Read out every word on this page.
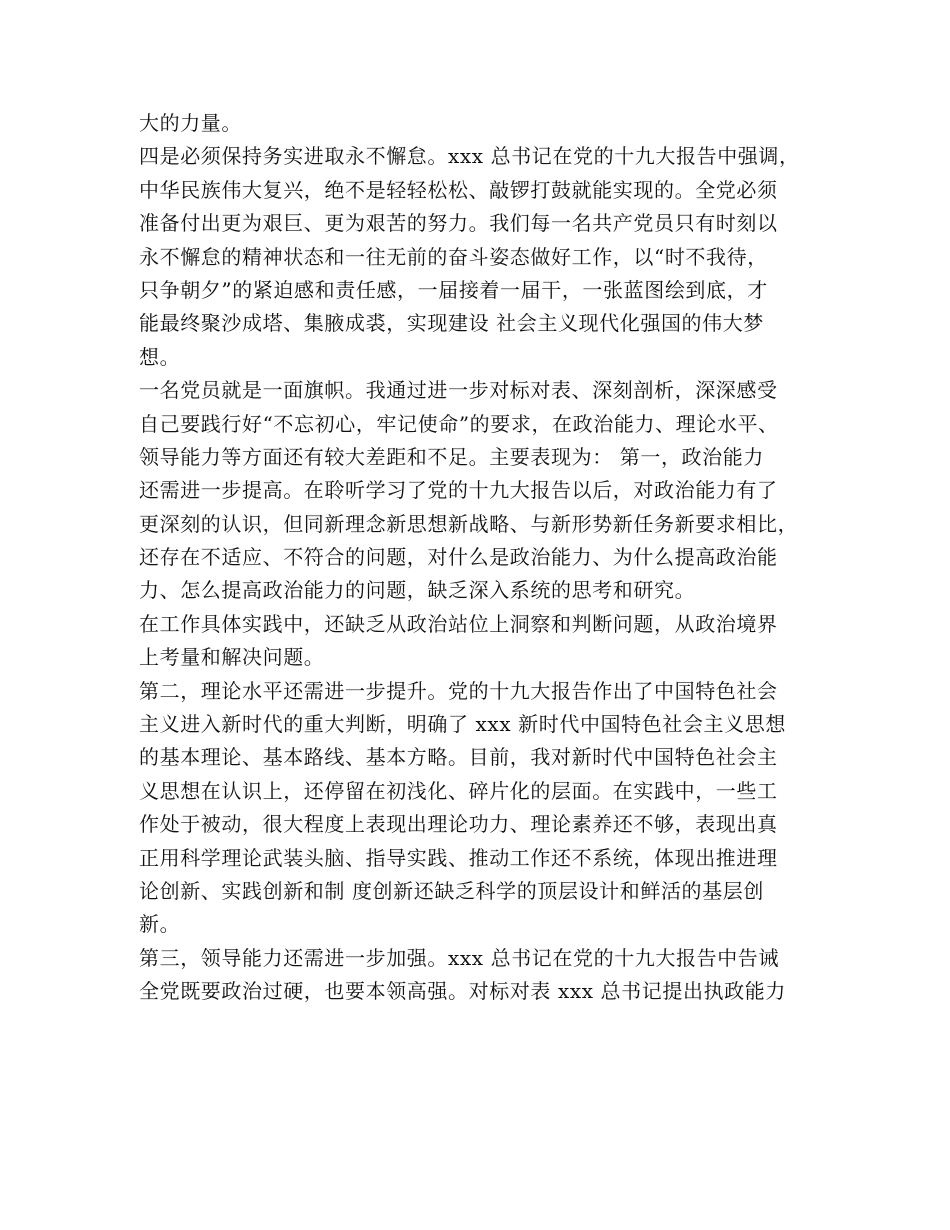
大的力量。
四是必须保持务实进取永不懈怠。xxx 总书记在党的十九大报告中强调，
中华民族伟大复兴，绝不是轻轻松松、敲锣打鼓就能实现的。全党必须
准备付出更为艰巨、更为艰苦的努力。我们每一名共产党员只有时刻以
永不懈怠的精神状态和一往无前的奋斗姿态做好工作，以“时不我待，
只争朝夕”的紧迫感和责任感，一届接着一届干，一张蓝图绘到底，才
能最终聚沙成塔、集腋成裘，实现建设 社会主义现代化强国的伟大梦
想。
一名党员就是一面旗帜。我通过进一步对标对表、深刻剖析，深深感受
自己要践行好“不忘初心，牢记使命”的要求，在政治能力、理论水平、
领导能力等方面还有较大差距和不足。主要表现为： 第一，政治能力
还需进一步提高。在聆听学习了党的十九大报告以后，对政治能力有了
更深刻的认识，但同新理念新思想新战略、与新形势新任务新要求相比，
还存在不适应、不符合的问题，对什么是政治能力、为什么提高政治能
力、怎么提高政治能力的问题，缺乏深入系统的思考和研究。
在工作具体实践中，还缺乏从政治站位上洞察和判断问题，从政治境界
上考量和解决问题。
第二，理论水平还需进一步提升。党的十九大报告作出了中国特色社会
主义进入新时代的重大判断，明确了 xxx 新时代中国特色社会主义思想
的基本理论、基本路线、基本方略。目前，我对新时代中国特色社会主
义思想在认识上，还停留在初浅化、碎片化的层面。在实践中，一些工
作处于被动，很大程度上表现出理论功力、理论素养还不够，表现出真
正用科学理论武装头脑、指导实践、推动工作还不系统，体现出推进理
论创新、实践创新和制 度创新还缺乏科学的顶层设计和鲜活的基层创
新。
第三，领导能力还需进一步加强。xxx 总书记在党的十九大报告中告诫
全党既要政治过硬，也要本领高强。对标对表 xxx 总书记提出执政能力
